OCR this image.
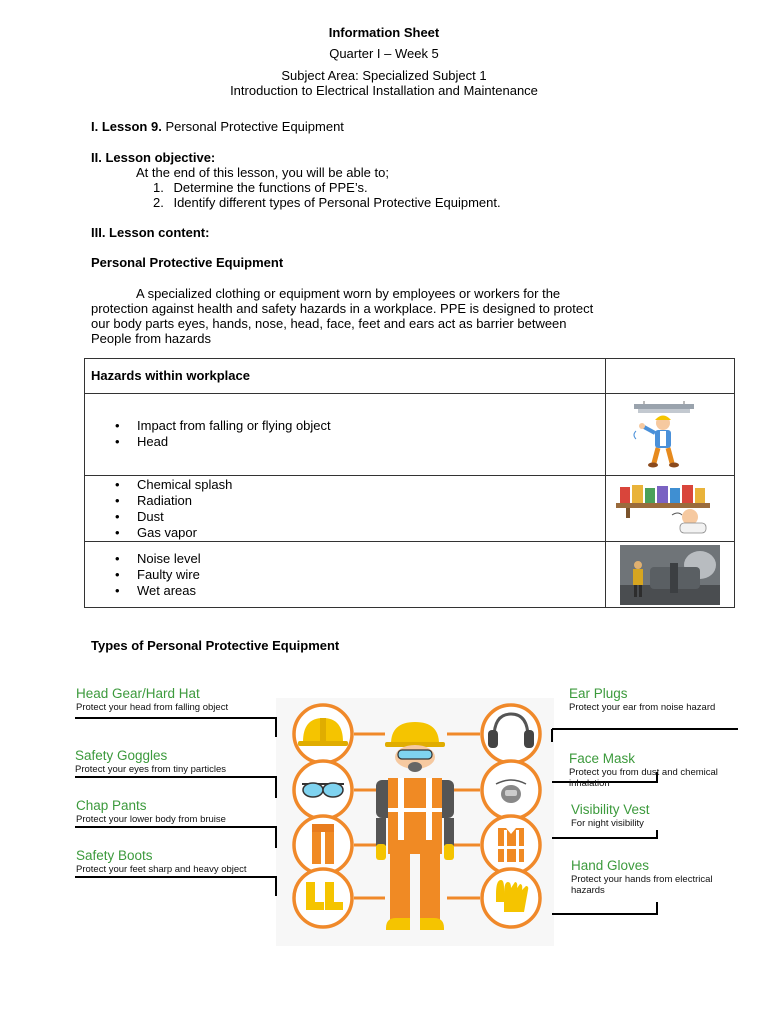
Information Sheet
Quarter I – Week 5
Subject Area: Specialized Subject 1
Introduction to Electrical Installation and Maintenance
I. Lesson 9. Personal Protective Equipment
II. Lesson objective:
At the end of this lesson, you will be able to;
1. Determine the functions of PPE’s.
2. Identify different types of Personal Protective Equipment.
III. Lesson content:
Personal Protective Equipment
A specialized clothing or equipment worn by employees or workers for the
protection against health and safety hazards in a workplace. PPE is designed to protect
our body parts eyes, hands, nose, head, face, feet and ears act as barrier between
People from hazards
Hazards within workplace
• Impact from falling or flying object
• Head
• Chemical splash
• Radiation
• Dust
• Gas vapor
• Noise level
• Faulty wire
• Wet areas
Types of Personal Protective Equipment
Head Gear/Hard Hat
Protect your head from falling object
Safety Goggles
Protect your eyes from tiny particles
Chap Pants
Protect your lower body from bruise
Safety Boots
Protect your feet sharp and heavy object
Ear Plugs
Protect your ear from noise hazard
Face Mask
Protect you from dust and chemical
inhalation
Visibility Vest
For night visibility
Hand Gloves
Protect your hands from electrical
hazards
